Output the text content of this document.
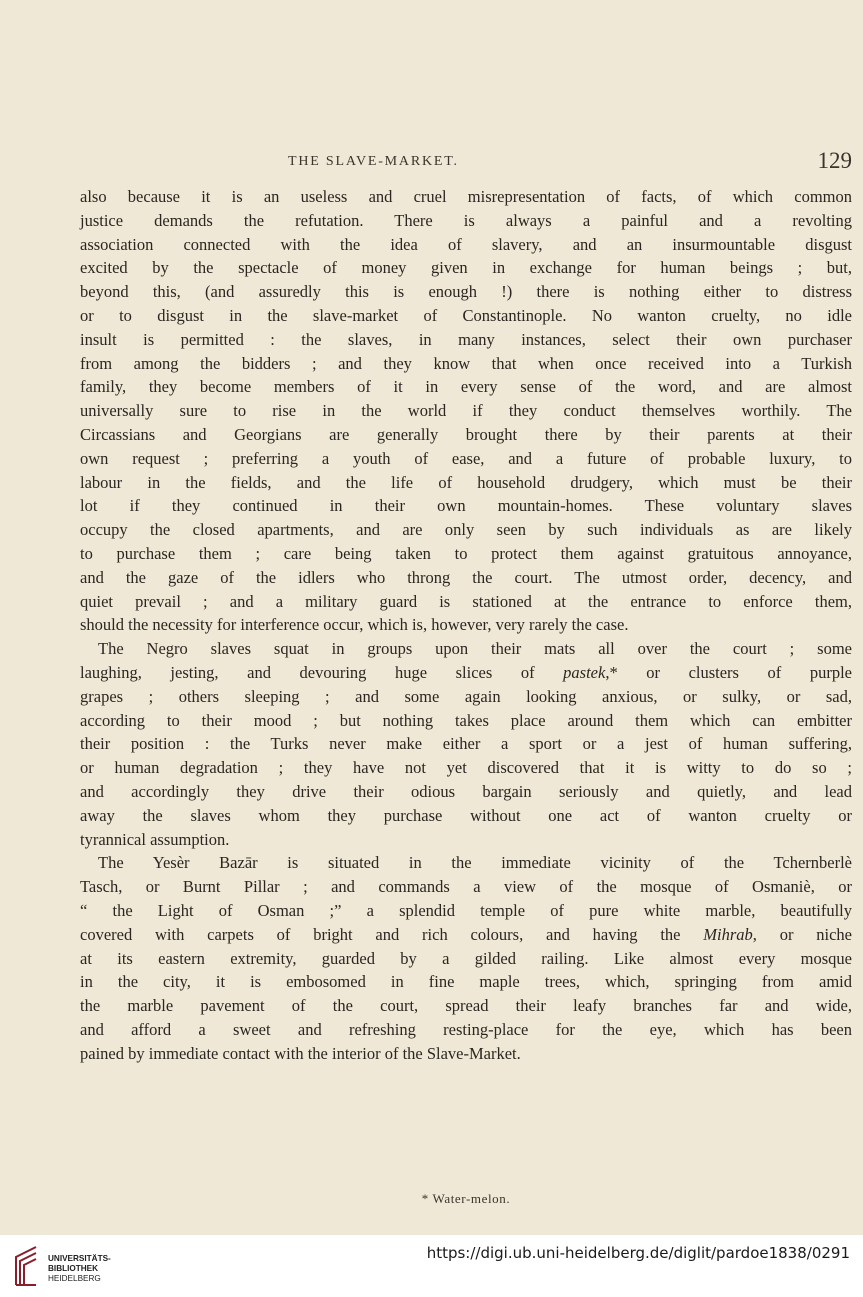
THE SLAVE-MARKET.	129
also because it is an useless and cruel misrepresentation of facts, of which common
justice demands the refutation. There is always a painful and a revolting
association connected with the idea of slavery, and an insurmountable disgust
excited by the spectacle of money given in exchange for human beings ; but,
beyond this, (and assuredly this is enough !) there is nothing either to distress
or to disgust in the slave-market of Constantinople. No wanton cruelty, no idle
insult is permitted : the slaves, in many instances, select their own purchaser
from among the bidders ; and they know that when once received into a Turkish
family, they become members of it in every sense of the word, and are almost
universally sure to rise in the world if they conduct themselves worthily. The
Circassians and Georgians are generally brought there by their parents at their
own request ; preferring a youth of ease, and a future of probable luxury, to
labour in the fields, and the life of household drudgery, which must be their
lot if they continued in their own mountain-homes. These voluntary slaves
occupy the closed apartments, and are only seen by such individuals as are likely
to purchase them ; care being taken to protect them against gratuitous annoyance,
and the gaze of the idlers who throng the court. The utmost order, decency, and
quiet prevail ; and a military guard is stationed at the entrance to enforce them,
should the necessity for interference occur, which is, however, very rarely the case.
The Negro slaves squat in groups upon their mats all over the court ; some
laughing, jesting, and devouring huge slices of pastek,* or clusters of purple
grapes ; others sleeping ; and some again looking anxious, or sulky, or sad,
according to their mood ; but nothing takes place around them which can embitter
their position : the Turks never make either a sport or a jest of human suffering,
or human degradation ; they have not yet discovered that it is witty to do so ;
and accordingly they drive their odious bargain seriously and quietly, and lead
away the slaves whom they purchase without one act of wanton cruelty or
tyrannical assumption.
The Yesèr Bazār is situated in the immediate vicinity of the Tchernberlè
Tasch, or Burnt Pillar ; and commands a view of the mosque of Osmaniè, or
“ the Light of Osman ;” a splendid temple of pure white marble, beautifully
covered with carpets of bright and rich colours, and having the Mihrab, or niche
at its eastern extremity, guarded by a gilded railing. Like almost every mosque
in the city, it is embosomed in fine maple trees, which, springing from amid
the marble pavement of the court, spread their leafy branches far and wide,
and afford a sweet and refreshing resting-place for the eye, which has been
pained by immediate contact with the interior of the Slave-Market.
* Water-melon.
UNIVERSITÄTS-
BIBLIOTHEK
HEIDELBERG
https://digi.ub.uni-heidelberg.de/diglit/pardoe1838/0291
